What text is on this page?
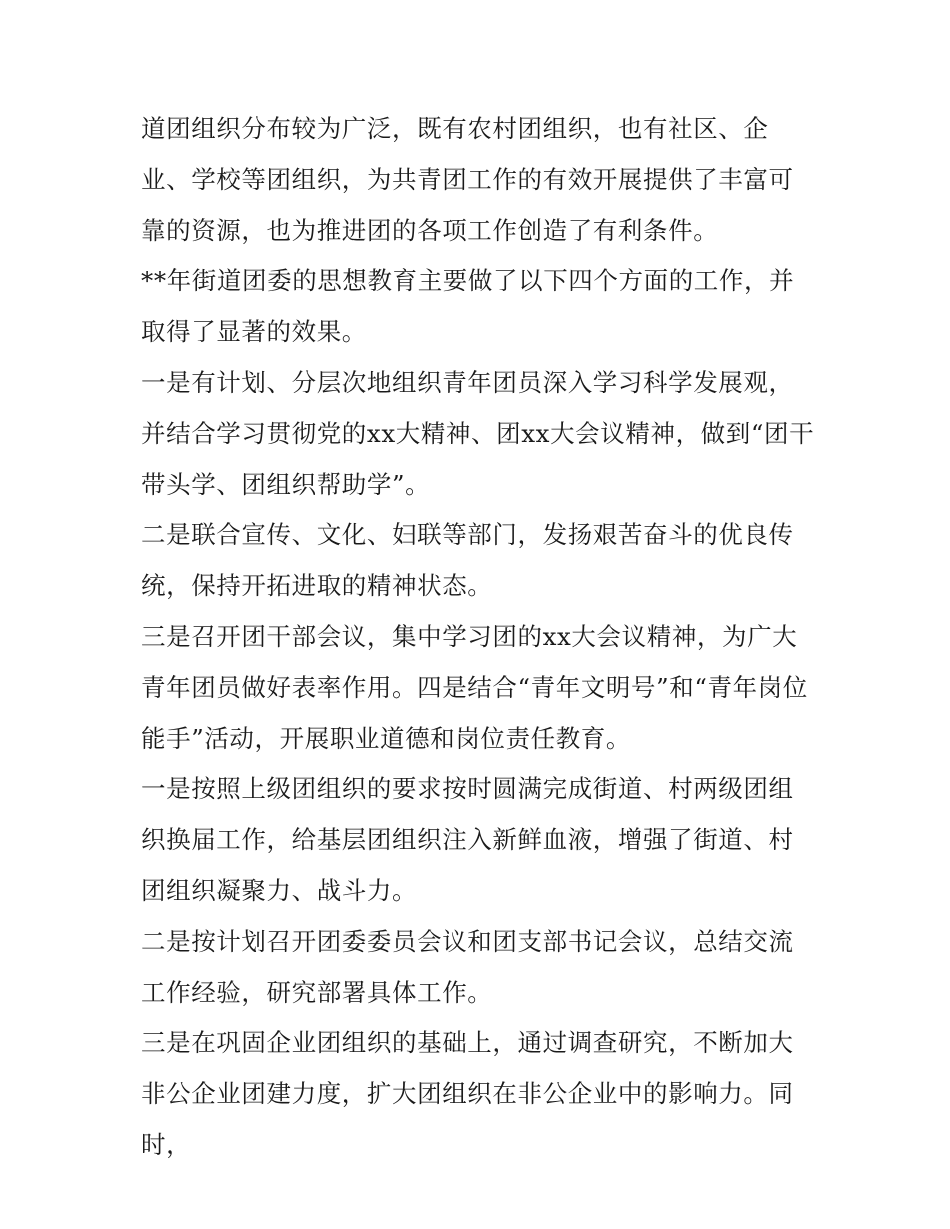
道团组织分布较为广泛，既有农村团组织，也有社区、企业、学校等团组织，为共青团工作的有效开展提供了丰富可靠的资源，也为推进团的各项工作创造了有利条件。

**年街道团委的思想教育主要做了以下四个方面的工作，并取得了显著的效果。

一是有计划、分层次地组织青年团员深入学习科学发展观，并结合学习贯彻党的xx大精神、团xx大会议精神，做到“团干带头学、团组织帮助学”。

二是联合宣传、文化、妇联等部门，发扬艰苦奋斗的优良传统，保持开拓进取的精神状态。

三是召开团干部会议，集中学习团的xx大会议精神，为广大青年团员做好表率作用。四是结合“青年文明号”和“青年岗位能手”活动，开展职业道德和岗位责任教育。

一是按照上级团组织的要求按时圆满完成街道、村两级团组织换届工作，给基层团组织注入新鲜血液，增强了街道、村团组织凝聚力、战斗力。

二是按计划召开团委委员会议和团支部书记会议，总结交流工作经验，研究部署具体工作。

三是在巩固企业团组织的基础上，通过调查研究，不断加大非公企业团建力度，扩大团组织在非公企业中的影响力。同时，
